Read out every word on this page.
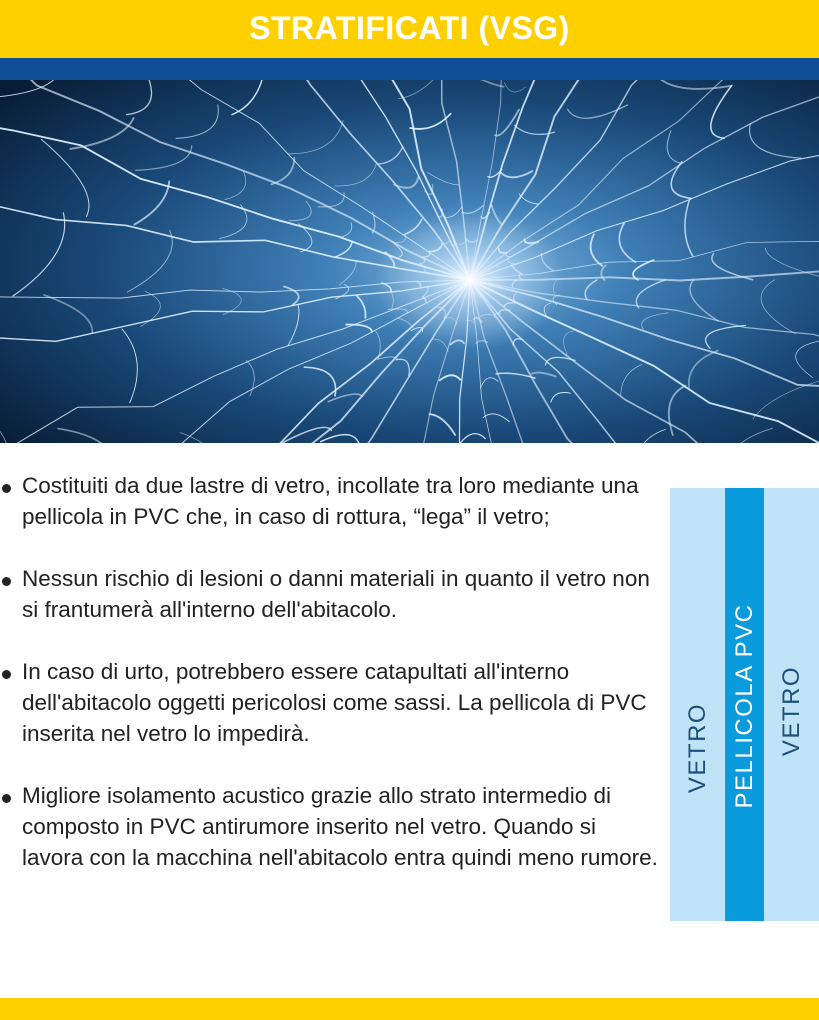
STRATIFICATI (VSG)
Costituiti da due lastre di vetro, incollate tra loro mediante una pellicola in PVC che, in caso di rottura, “lega” il vetro;
Nessun rischio di lesioni o danni materiali in quanto il vetro non si frantumerà all'interno dell'abitacolo.
In caso di urto, potrebbero essere catapultati all'interno dell'abitacolo oggetti pericolosi come sassi. La pellicola di PVC inserita nel vetro lo impedirà.
Migliore isolamento acustico grazie allo strato intermedio di composto in PVC antirumore inserito nel vetro. Quando si lavora con la macchina nell'abitacolo entra quindi meno rumore.
VETRO PELLICOLA PVC VETRO
